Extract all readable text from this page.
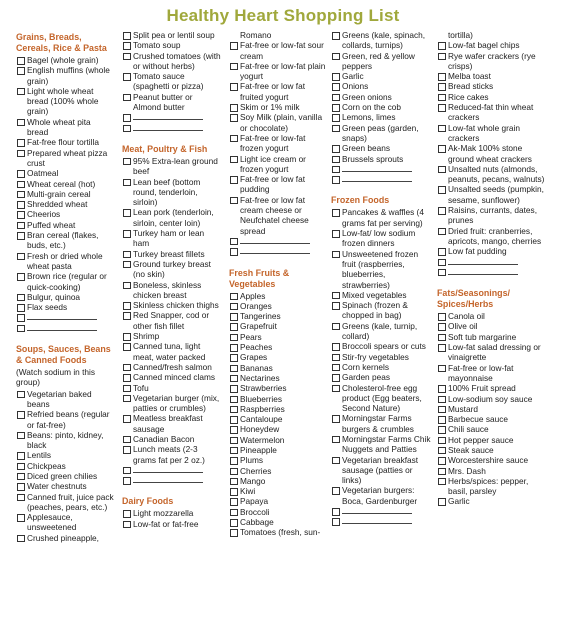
Healthy Heart Shopping List
Grains, Breads, Cereals, Rice & Pasta
Bagel (whole grain)
English muffins (whole grain)
Light whole wheat bread (100% whole grain)
Whole wheat pita bread
Fat-free flour tortilla
Prepared wheat pizza crust
Oatmeal
Wheat cereal (hot)
Multi-grain cereal
Shredded wheat
Cheerios
Puffed wheat
Bran cereal (flakes, buds, etc.)
Fresh or dried whole wheat pasta
Brown rice (regular or quick-cooking)
Bulgur, quinoa
Flax seeds
Soups, Sauces, Beans & Canned Foods
(Watch sodium in this group)
Vegetarian baked beans
Refried beans (regular or fat-free)
Beans: pinto, kidney, black
Lentils
Chickpeas
Diced green chilies
Water chestnuts
Canned fruit, juice pack (peaches, pears, etc.)
Applesauce, unsweetened
Crushed pineapple,
Split pea or lentil soup
Tomato soup
Crushed tomatoes (with or without herbs)
Tomato sauce (spaghetti or pizza)
Peanut butter or Almond butter
Meat, Poultry & Fish
95% Extra-lean ground beef
Lean beef (bottom round, tenderloin, sirloin)
Lean pork (tenderloin, sirloin, center loin)
Turkey ham or lean ham
Turkey breast fillets
Ground turkey breast (no skin)
Boneless, skinless chicken breast
Skinless chicken thighs
Red Snapper, cod or other fish fillet
Shrimp
Canned tuna, light meat, water packed
Canned/fresh salmon
Canned minced clams
Tofu
Vegetarian burger (mix, patties or crumbles)
Meatless breakfast sausage
Canadian Bacon
Lunch meats (2-3 grams fat per 2 oz.)
Dairy Foods
Light mozzarella
Low-fat or fat-free
Romano
Fat-free or low-fat sour cream
Fat-free or low-fat plain yogurt
Fat-free or low fat fruited yogurt
Skim or 1% milk
Soy Milk (plain, vanilla or chocolate)
Fat-free or low-fat frozen yogurt
Light ice cream or frozen yogurt
Fat-free or low fat pudding
Fat-free or low fat cream cheese or Neufchatel cheese spread
Fresh Fruits & Vegetables
Apples
Oranges
Tangerines
Grapefruit
Pears
Peaches
Grapes
Bananas
Nectarines
Strawberries
Blueberries
Raspberries
Cantaloupe
Honeydew
Watermelon
Pineapple
Plums
Cherries
Mango
Kiwi
Papaya
Broccoli
Cabbage
Tomatoes (fresh, sun-
Greens (kale, spinach, collards, turnips)
Green, red & yellow peppers
Garlic
Onions
Green onions
Corn on the cob
Lemons, limes
Green peas (garden, snaps)
Green beans
Brussels sprouts
Frozen Foods
Pancakes & waffles (4 grams fat per serving)
Low-fat/ low sodium frozen dinners
Unsweetened frozen fruit (raspberries, blueberries, strawberries)
Mixed vegetables
Spinach (frozen & chopped in bag)
Greens (kale, turnip, collard)
Broccoli spears or cuts
Stir-fry vegetables
Corn kernels
Garden peas
Cholesterol-free egg product (Egg beaters, Second Nature)
Morningstar Farms burgers & crumbles
Morningstar Farms Chik Nuggets and Patties
Vegetarian breakfast sausage (patties or links)
Vegetarian burgers: Boca, Gardenburger
tortilla)
Low-fat bagel chips
Rye wafer crackers (rye crisps)
Melba toast
Bread sticks
Rice cakes
Reduced-fat thin wheat crackers
Low-fat whole grain crackers
Ak-Mak 100% stone ground wheat crackers
Unsalted nuts (almonds, peanuts, pecans, walnuts)
Unsalted seeds (pumpkin, sesame, sunflower)
Raisins, currants, dates, prunes
Dried fruit: cranberries, apricots, mango, cherries
Low fat pudding
Fats/Seasonings/ Spices/Herbs
Canola oil
Olive oil
Soft tub margarine
Low-fat salad dressing or vinaigrette
Fat-free or low-fat mayonnaise
100% Fruit spread
Low-sodium soy sauce
Mustard
Barbecue sauce
Chili sauce
Hot pepper sauce
Steak sauce
Worcestershire sauce
Mrs. Dash
Herbs/spices: pepper, basil, parsley
Garlic
